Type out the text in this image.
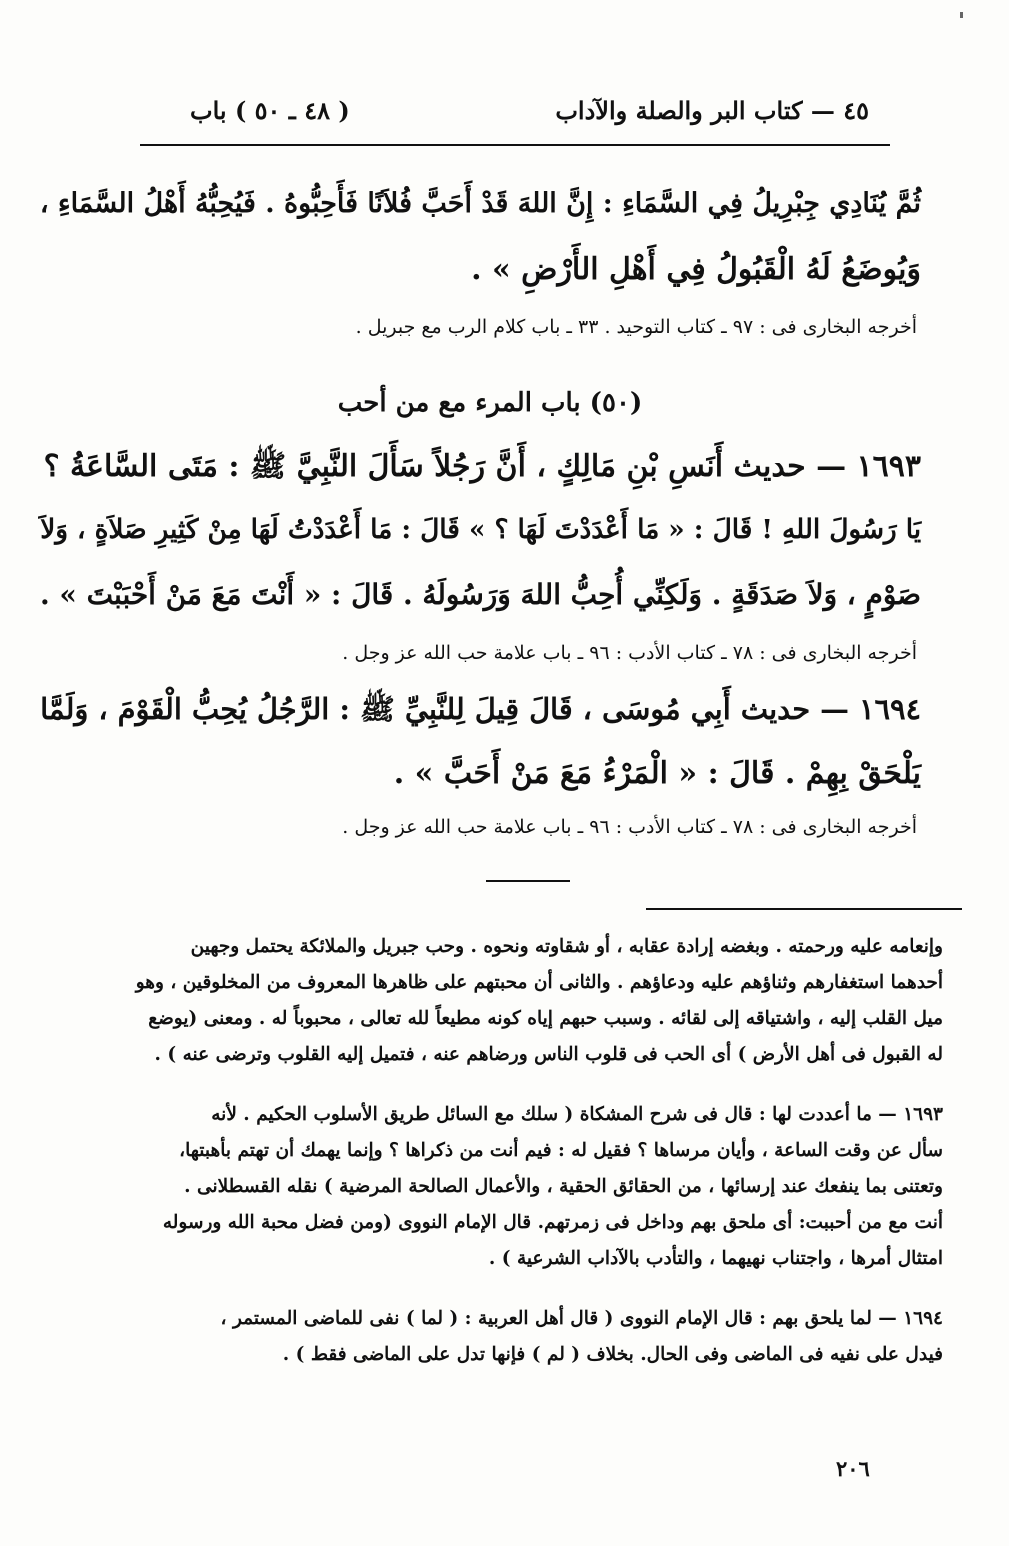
٤٥ — كتاب البر والصلة والآداب
( ٤٨ ـ ٥٠ ) باب
ثُمَّ يُنَادِي جِبْرِيلُ فِي السَّمَاءِ : إِنَّ اللهَ قَدْ أَحَبَّ فُلاَنًا فَأَحِبُّوهُ . فَيُحِبُّهُ أَهْلُ السَّمَاءِ ،
وَيُوضَعُ لَهُ الْقَبُولُ فِي أَهْلِ الأَرْضِ » .
أخرجه البخارى فى : ٩٧ ـ كتاب التوحيد . ٣٣ ـ باب كلام الرب مع جبريل .
(٥٠) باب المرء مع من أحب
١٦٩٣ — حديث أَنَسِ بْنِ مَالِكٍ ، أَنَّ رَجُلاً سَأَلَ النَّبِيَّ ﷺ : مَتَى السَّاعَةُ ؟
يَا رَسُولَ اللهِ ! قَالَ : « مَا أَعْدَدْتَ لَهَا ؟ » قَالَ : مَا أَعْدَدْتُ لَهَا مِنْ كَثِيرِ صَلاَةٍ ، وَلاَ
صَوْمٍ ، وَلاَ صَدَقَةٍ . وَلَكِنِّي أُحِبُّ اللهَ وَرَسُولَهُ . قَالَ : « أَنْتَ مَعَ مَنْ أَحْبَبْتَ » .
أخرجه البخارى فى : ٧٨ ـ كتاب الأدب : ٩٦ ـ باب علامة حب الله عز وجل .
١٦٩٤ — حديث أَبِي مُوسَى ، قَالَ قِيلَ لِلنَّبِيِّ ﷺ : الرَّجُلُ يُحِبُّ الْقَوْمَ ، وَلَمَّا
يَلْحَقْ بِهِمْ . قَالَ : « الْمَرْءُ مَعَ مَنْ أَحَبَّ » .
أخرجه البخارى فى : ٧٨ ـ كتاب الأدب : ٩٦ ـ باب علامة حب الله عز وجل .
وإنعامه عليه ورحمته . وبغضه إرادة عقابه ، أو شقاوته ونحوه . وحب جبريل والملائكة يحتمل وجهين
أحدهما استغفارهم وثناؤهم عليه ودعاؤهم . والثانى أن محبتهم على ظاهرها المعروف من المخلوقين ، وهو
ميل القلب إليه ، واشتياقه إلى لقائه . وسبب حبهم إياه كونه مطيعاً لله تعالى ، محبوباً له . ومعنى (يوضع
له القبول فى أهل الأرض ) أى الحب فى قلوب الناس ورضاهم عنه ، فتميل إليه القلوب وترضى عنه ) .
١٦٩٣ — ما أعددت لها : قال فى شرح المشكاة ( سلك مع السائل طريق الأسلوب الحكيم . لأنه
سأل عن وقت الساعة ، وأيان مرساها ؟ فقيل له : فيم أنت من ذكراها ؟ وإنما يهمك أن تهتم بأهبتها،
وتعتنى بما ينفعك عند إرسائها ، من الحقائق الحقية ، والأعمال الصالحة المرضية ) نقله القسطلانى .
أنت مع من أحببت: أى ملحق بهم وداخل فى زمرتهم. قال الإمام النووى (ومن فضل محبة الله ورسوله
امتثال أمرها ، واجتناب نهيهما ، والتأدب بالآداب الشرعية ) .
١٦٩٤ — لما يلحق بهم : قال الإمام النووى ( قال أهل العربية : ( لما ) نفى للماضى المستمر ،
فيدل على نفيه فى الماضى وفى الحال. بخلاف ( لم ) فإنها تدل على الماضى فقط ) .
٢٠٦
